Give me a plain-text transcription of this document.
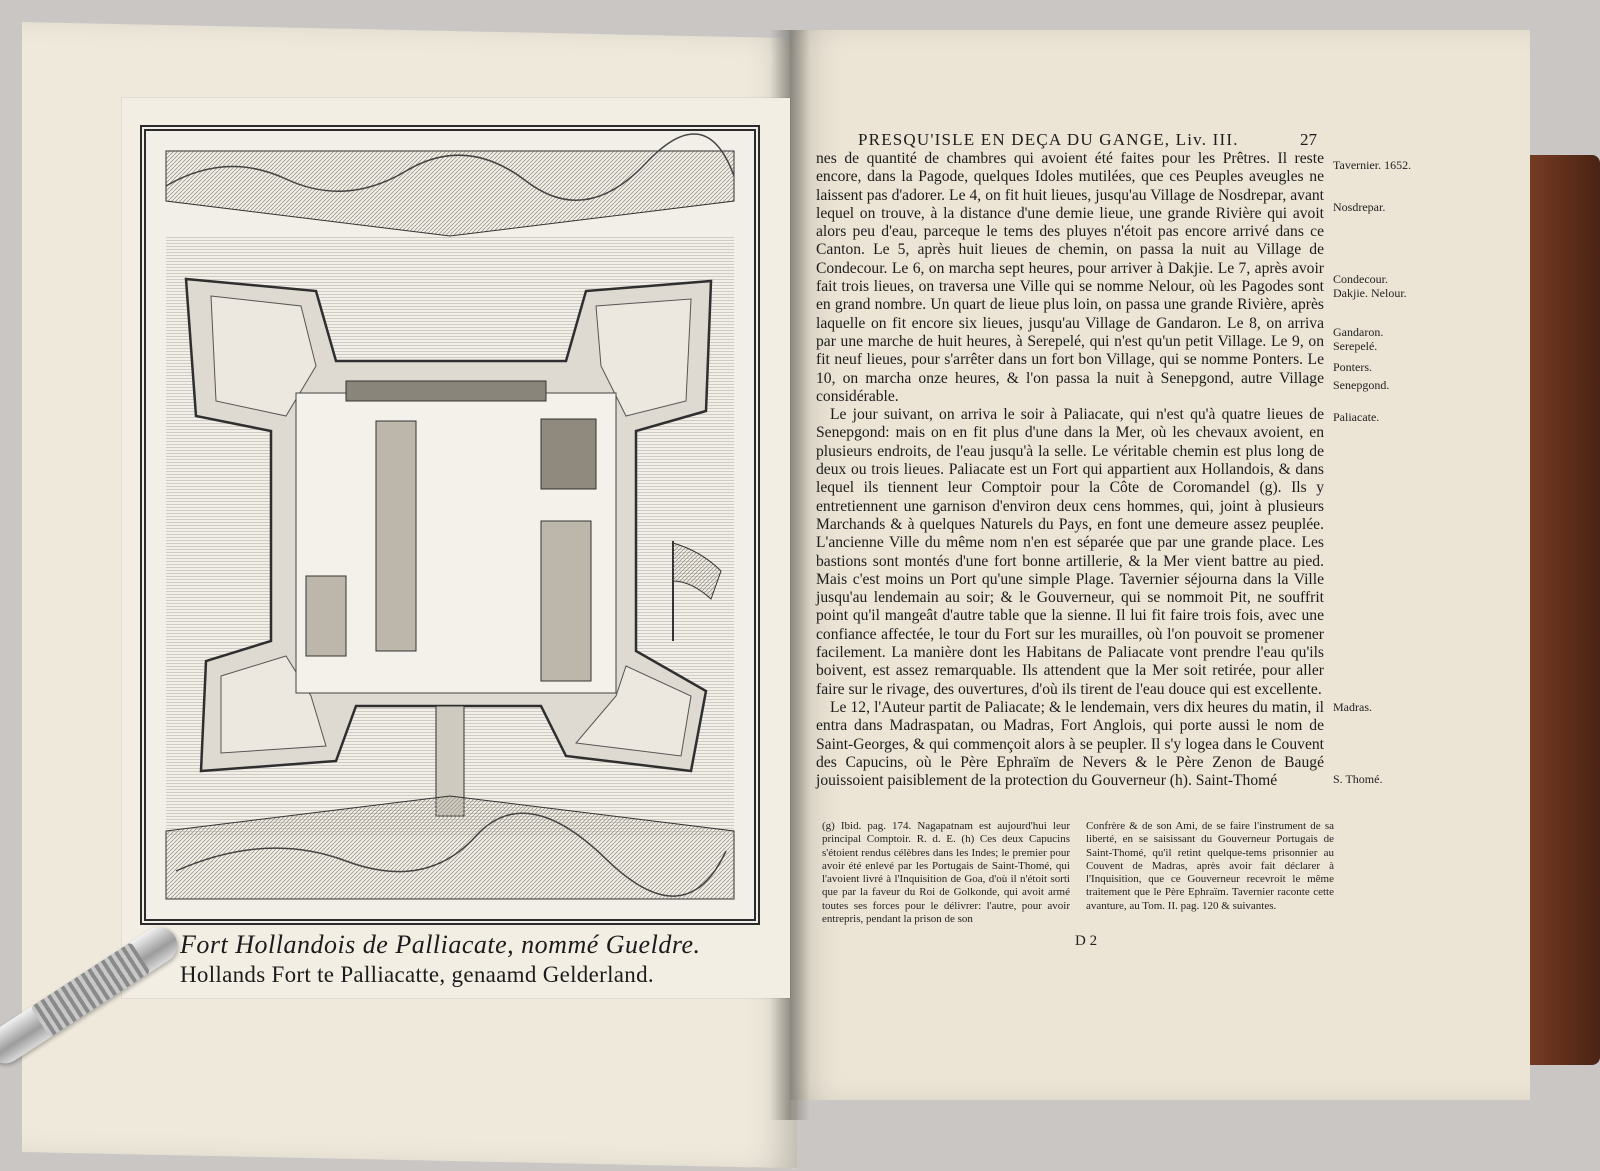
Fort Hollandois de Palliacate, nommé Gueldre.
Hollands Fort te Palliacatte, genaamd Gelderland.
PRESQU'ISLE EN DEÇA DU GANGE, Liv. III.	27

nes de quantité de chambres qui avoient été faites pour les Prêtres. Il reste encore, dans la Pagode, quelques Idoles mutilées, que ces Peuples aveugles ne laissent pas d'adorer. Le 4, on fit huit lieues, jusqu'au Village de Nosdrepar, avant lequel on trouve, à la distance d'une demie lieue, une grande Rivière qui avoit alors peu d'eau, parceque le tems des pluyes n'étoit pas encore arrivé dans ce Canton. Le 5, après huit lieues de chemin, on passa la nuit au Village de Condecour. Le 6, on marcha sept heures, pour arriver à Dakjie. Le 7, après avoir fait trois lieues, on traversa une Ville qui se nomme Nelour, où les Pagodes sont en grand nombre. Un quart de lieue plus loin, on passa une grande Rivière, après laquelle on fit encore six lieues, jusqu'au Village de Gandaron. Le 8, on arriva par une marche de huit heures, à Serepelé, qui n'est qu'un petit Village. Le 9, on fit neuf lieues, pour s'arrêter dans un fort bon Village, qui se nomme Ponters. Le 10, on marcha onze heures, & l'on passa la nuit à Senepgond, autre Village considérable.

Le jour suivant, on arriva le soir à Paliacate, qui n'est qu'à quatre lieues de Senepgond: mais on en fit plus d'une dans la Mer, où les chevaux avoient, en plusieurs endroits, de l'eau jusqu'à la selle. Le véritable chemin est plus long de deux ou trois lieues. Paliacate est un Fort qui appartient aux Hollandois, & dans lequel ils tiennent leur Comptoir pour la Côte de Coromandel (g). Ils y entretiennent une garnison d'environ deux cens hommes, qui, joint à plusieurs Marchands & à quelques Naturels du Pays, en font une demeure assez peuplée. L'ancienne Ville du même nom n'en est séparée que par une grande place. Les bastions sont montés d'une fort bonne artillerie, & la Mer vient battre au pied. Mais c'est moins un Port qu'une simple Plage. Tavernier séjourna dans la Ville jusqu'au lendemain au soir; & le Gouverneur, qui se nommoit Pit, ne souffrit point qu'il mangeât d'autre table que la sienne. Il lui fit faire trois fois, avec une confiance affectée, le tour du Fort sur les murailles, où l'on pouvoit se promener facilement. La manière dont les Habitans de Paliacate vont prendre l'eau qu'ils boivent, est assez remarquable. Ils attendent que la Mer soit retirée, pour aller faire sur le rivage, des ouvertures, d'où ils tirent de l'eau douce qui est excellente.

Le 12, l'Auteur partit de Paliacate; & le lendemain, vers dix heures du matin, il entra dans Madraspatan, ou Madras, Fort Anglois, qui porte aussi le nom de Saint-Georges, & qui commençoit alors à se peupler. Il s'y logea dans le Couvent des Capucins, où le Père Ephraïm de Nevers & le Père Zenon de Baugé jouissoient paisiblement de la protection du Gouverneur (h). Saint-Thomé

Tavernier. 1652.
Nosdrepar.
Condecour. Dakjie. Nelour.
Gandaron. Serepelé.
Ponters.
Senepgond.
Paliacate.
Madras.
S. Thomé.
(g) Ibid. pag. 174. Nagapatnam est aujourd'hui leur principal Comptoir. R. d. E. (h) Ces deux Capucins s'étoient rendus célèbres dans les Indes; le premier pour avoir été enlevé par les Portugais de Saint-Thomé, qui l'avoient livré à l'Inquisition de Goa, d'où il n'étoit sorti que par la faveur du Roi de Golkonde, qui avoit armé toutes ses forces pour le délivrer: l'autre, pour avoir entrepris, pendant la prison de son
Confrère & de son Ami, de se faire l'instrument de sa liberté, en se saisissant du Gouverneur Portugais de Saint-Thomé, qu'il retint quelque-tems prisonnier au Couvent de Madras, après avoir fait déclarer à l'Inquisition, que ce Gouverneur recevroit le même traitement que le Père Ephraïm. Tavernier raconte cette avanture, au Tom. II. pag. 120 & suivantes.
D 2
